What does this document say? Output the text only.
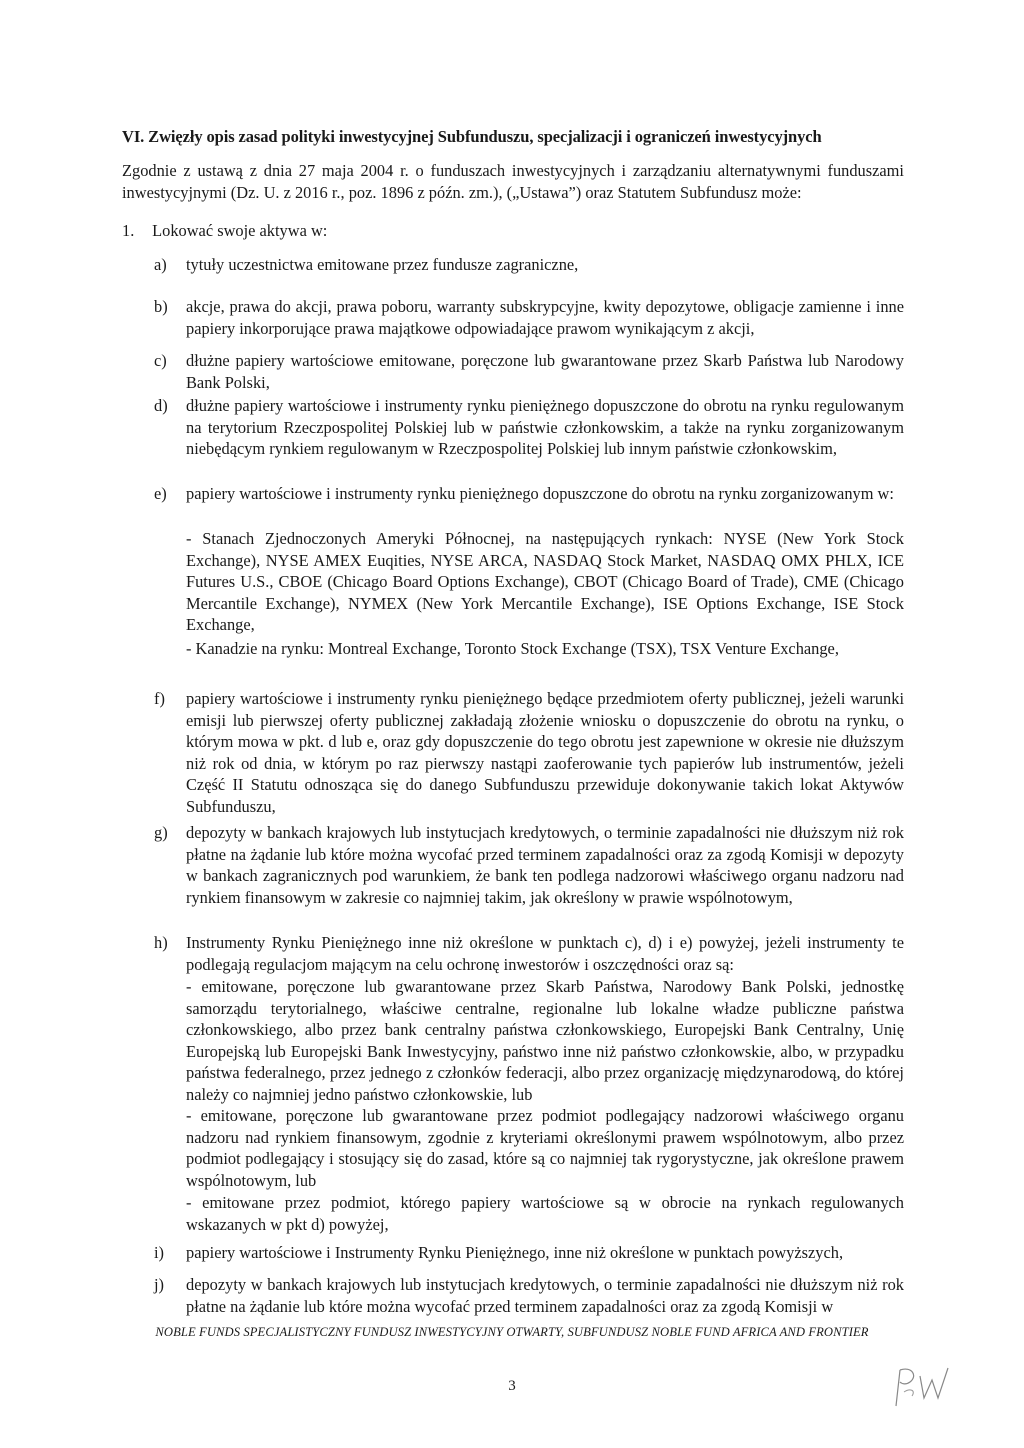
VI. Zwięzły opis zasad polityki inwestycyjnej Subfunduszu, specjalizacji i ograniczeń inwestycyjnych
Zgodnie z ustawą z dnia 27 maja 2004 r. o funduszach inwestycyjnych i zarządzaniu alternatywnymi funduszami inwestycyjnymi (Dz. U. z 2016 r., poz. 1896 z późn. zm.), („Ustawa”) oraz Statutem Subfundusz może:
1. Lokować swoje aktywa w:
a)	tytuły uczestnictwa emitowane przez fundusze zagraniczne,
b)	akcje, prawa do akcji, prawa poboru, warranty subskrypcyjne, kwity depozytowe, obligacje zamienne i inne papiery inkorporujące prawa majątkowe odpowiadające prawom wynikającym z akcji,
c)	dłużne papiery wartościowe emitowane, poręczone lub gwarantowane przez Skarb Państwa lub Narodowy Bank Polski,
d)	dłużne papiery wartościowe i instrumenty rynku pieniężnego dopuszczone do obrotu na rynku regulowanym na terytorium Rzeczpospolitej Polskiej lub w państwie członkowskim, a także na rynku zorganizowanym niebędącym rynkiem regulowanym w Rzeczpospolitej Polskiej lub innym państwie członkowskim,
e)	papiery wartościowe i instrumenty rynku pieniężnego dopuszczone do obrotu na rynku zorganizowanym w:
- Stanach Zjednoczonych Ameryki Północnej, na następujących rynkach: NYSE (New York Stock Exchange), NYSE AMEX Euqities, NYSE ARCA, NASDAQ Stock Market, NASDAQ OMX PHLX, ICE Futures U.S., CBOE (Chicago Board Options Exchange), CBOT (Chicago Board of Trade), CME (Chicago Mercantile Exchange), NYMEX (New York Mercantile Exchange), ISE Options Exchange, ISE Stock Exchange,
- Kanadzie na rynku: Montreal Exchange, Toronto Stock Exchange (TSX), TSX Venture Exchange,
f)	papiery wartościowe i instrumenty rynku pieniężnego będące przedmiotem oferty publicznej, jeżeli warunki emisji lub pierwszej oferty publicznej zakładają złożenie wniosku o dopuszczenie do obrotu na rynku, o którym mowa w pkt. d lub e, oraz gdy dopuszczenie do tego obrotu jest zapewnione w okresie nie dłuższym niż rok od dnia, w którym po raz pierwszy nastąpi zaoferowanie tych papierów lub instrumentów, jeżeli Część II Statutu odnosząca się do danego Subfunduszu przewiduje dokonywanie takich lokat Aktywów Subfunduszu,
g)	depozyty w bankach krajowych lub instytucjach kredytowych, o terminie zapadalności nie dłuższym niż rok płatne na żądanie lub które można wycofać przed terminem zapadalności oraz za zgodą Komisji w depozyty w bankach zagranicznych pod warunkiem, że bank ten podlega nadzorowi właściwego organu nadzoru nad rynkiem finansowym w zakresie co najmniej takim, jak określony w prawie wspólnotowym,
h)	Instrumenty Rynku Pieniężnego inne niż określone w punktach c), d) i e) powyżej, jeżeli instrumenty te podlegają regulacjom mającym na celu ochronę inwestorów i oszczędności oraz są:
- emitowane, poręczone lub gwarantowane przez Skarb Państwa, Narodowy Bank Polski, jednostkę samorządu terytorialnego, właściwe centralne, regionalne lub lokalne władze publiczne państwa członkowskiego, albo przez bank centralny państwa członkowskiego, Europejski Bank Centralny, Unię Europejską lub Europejski Bank Inwestycyjny, państwo inne niż państwo członkowskie, albo, w przypadku państwa federalnego, przez jednego z członków federacji, albo przez organizację międzynarodową, do której należy co najmniej jedno państwo członkowskie, lub
- emitowane, poręczone lub gwarantowane przez podmiot podlegający nadzorowi właściwego organu nadzoru nad rynkiem finansowym, zgodnie z kryteriami określonymi prawem wspólnotowym, albo przez podmiot podlegający i stosujący się do zasad, które są co najmniej tak rygorystyczne, jak określone prawem wspólnotowym, lub
- emitowane przez podmiot, którego papiery wartościowe są w obrocie na rynkach regulowanych wskazanych w pkt d) powyżej,
i)	papiery wartościowe i Instrumenty Rynku Pieniężnego, inne niż określone w punktach powyższych,
j)	depozyty w bankach krajowych lub instytucjach kredytowych, o terminie zapadalności nie dłuższym niż rok płatne na żądanie lub które można wycofać przed terminem zapadalności oraz za zgodą Komisji w
NOBLE FUNDS SPECJALISTYCZNY FUNDUSZ INWESTYCYJNY OTWARTY, SUBFUNDUSZ NOBLE FUND AFRICA AND FRONTIER
3
